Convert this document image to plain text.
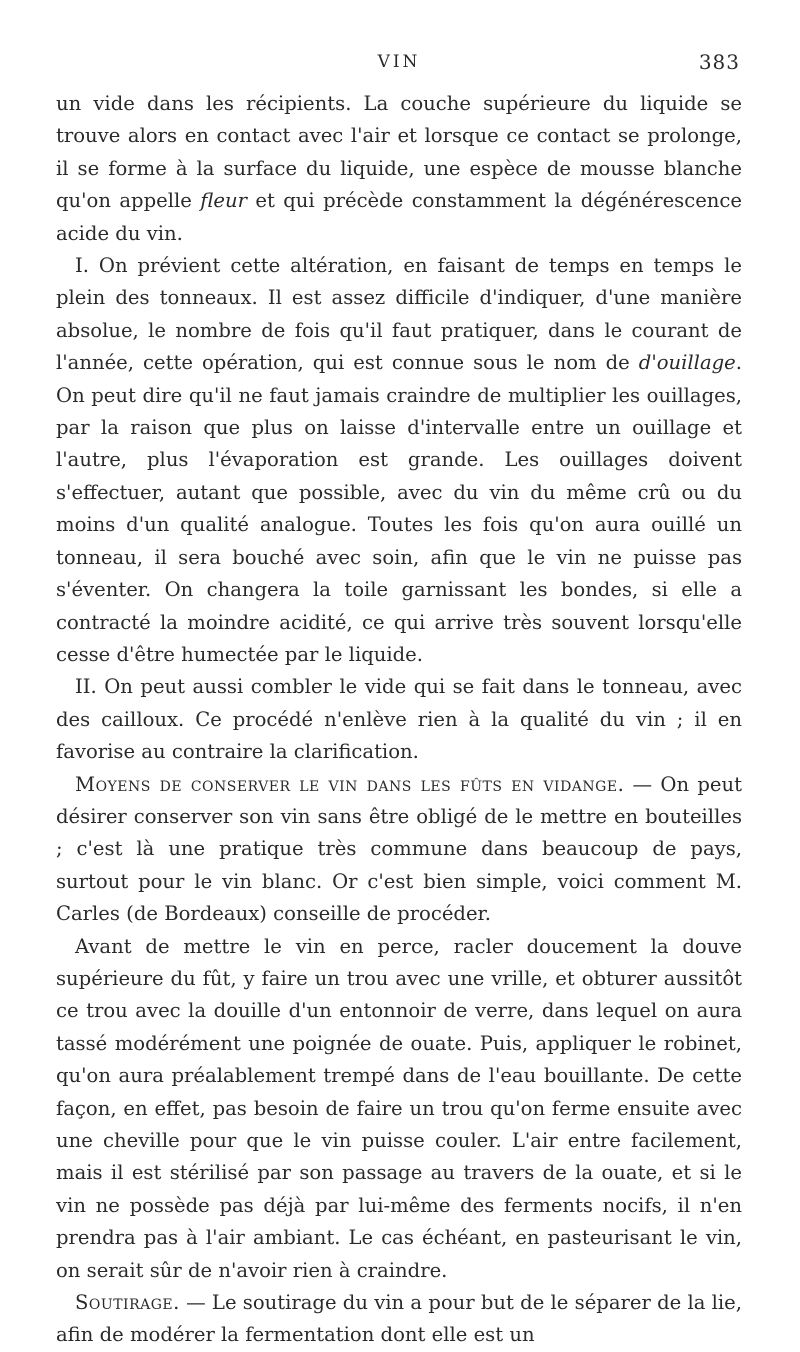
VIN	383

un vide dans les récipients. La couche supérieure du liquide se trouve alors en contact avec l'air et lorsque ce contact se prolonge, il se forme à la surface du liquide, une espèce de mousse blanche qu'on appelle fleur et qui précède constamment la dégénérescence acide du vin.

I. On prévient cette altération, en faisant de temps en temps le plein des tonneaux. Il est assez difficile d'indiquer, d'une manière absolue, le nombre de fois qu'il faut pratiquer, dans le courant de l'année, cette opération, qui est connue sous le nom de d'ouillage. On peut dire qu'il ne faut jamais craindre de multiplier les ouillages, par la raison que plus on laisse d'intervalle entre un ouillage et l'autre, plus l'évaporation est grande. Les ouillages doivent s'effectuer, autant que possible, avec du vin du même crû ou du moins d'un qualité analogue. Toutes les fois qu'on aura ouillé un tonneau, il sera bouché avec soin, afin que le vin ne puisse pas s'éventer. On changera la toile garnissant les bondes, si elle a contracté la moindre acidité, ce qui arrive très souvent lorsqu'elle cesse d'être humectée par le liquide.

II. On peut aussi combler le vide qui se fait dans le tonneau, avec des cailloux. Ce procédé n'enlève rien à la qualité du vin ; il en favorise au contraire la clarification.

Moyens de conserver le vin dans les fûts en vidange. — On peut désirer conserver son vin sans être obligé de le mettre en bouteilles ; c'est là une pratique très commune dans beaucoup de pays, surtout pour le vin blanc. Or c'est bien simple, voici comment M. Carles (de Bordeaux) conseille de procéder.

Avant de mettre le vin en perce, racler doucement la douve supérieure du fût, y faire un trou avec une vrille, et obturer aussitôt ce trou avec la douille d'un entonnoir de verre, dans lequel on aura tassé modérément une poignée de ouate. Puis, appliquer le robinet, qu'on aura préalablement trempé dans de l'eau bouillante. De cette façon, en effet, pas besoin de faire un trou qu'on ferme ensuite avec une cheville pour que le vin puisse couler. L'air entre facilement, mais il est stérilisé par son passage au travers de la ouate, et si le vin ne possède pas déjà par lui-même des ferments nocifs, il n'en prendra pas à l'air ambiant. Le cas échéant, en pasteurisant le vin, on serait sûr de n'avoir rien à craindre.

Soutirage. — Le soutirage du vin a pour but de le séparer de la lie, afin de modérer la fermentation dont elle est un
